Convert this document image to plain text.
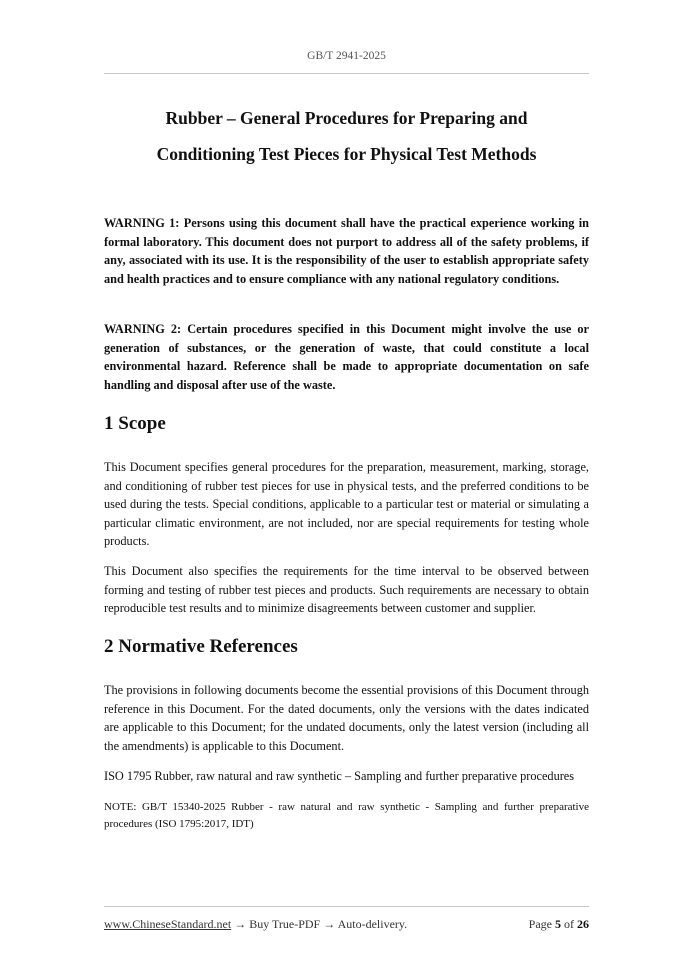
GB/T 2941-2025
Rubber – General Procedures for Preparing and
Conditioning Test Pieces for Physical Test Methods
WARNING 1: Persons using this document shall have the practical experience working in formal laboratory. This document does not purport to address all of the safety problems, if any, associated with its use. It is the responsibility of the user to establish appropriate safety and health practices and to ensure compliance with any national regulatory conditions.
WARNING 2: Certain procedures specified in this Document might involve the use or generation of substances, or the generation of waste, that could constitute a local environmental hazard. Reference shall be made to appropriate documentation on safe handling and disposal after use of the waste.
1 Scope
This Document specifies general procedures for the preparation, measurement, marking, storage, and conditioning of rubber test pieces for use in physical tests, and the preferred conditions to be used during the tests. Special conditions, applicable to a particular test or material or simulating a particular climatic environment, are not included, nor are special requirements for testing whole products.
This Document also specifies the requirements for the time interval to be observed between forming and testing of rubber test pieces and products. Such requirements are necessary to obtain reproducible test results and to minimize disagreements between customer and supplier.
2 Normative References
The provisions in following documents become the essential provisions of this Document through reference in this Document. For the dated documents, only the versions with the dates indicated are applicable to this Document; for the undated documents, only the latest version (including all the amendments) is applicable to this Document.
ISO 1795 Rubber, raw natural and raw synthetic – Sampling and further preparative procedures
NOTE: GB/T 15340-2025 Rubber - raw natural and raw synthetic - Sampling and further preparative procedures (ISO 1795:2017, IDT)
www.ChineseStandard.net → Buy True-PDF → Auto-delivery.	Page 5 of 26
